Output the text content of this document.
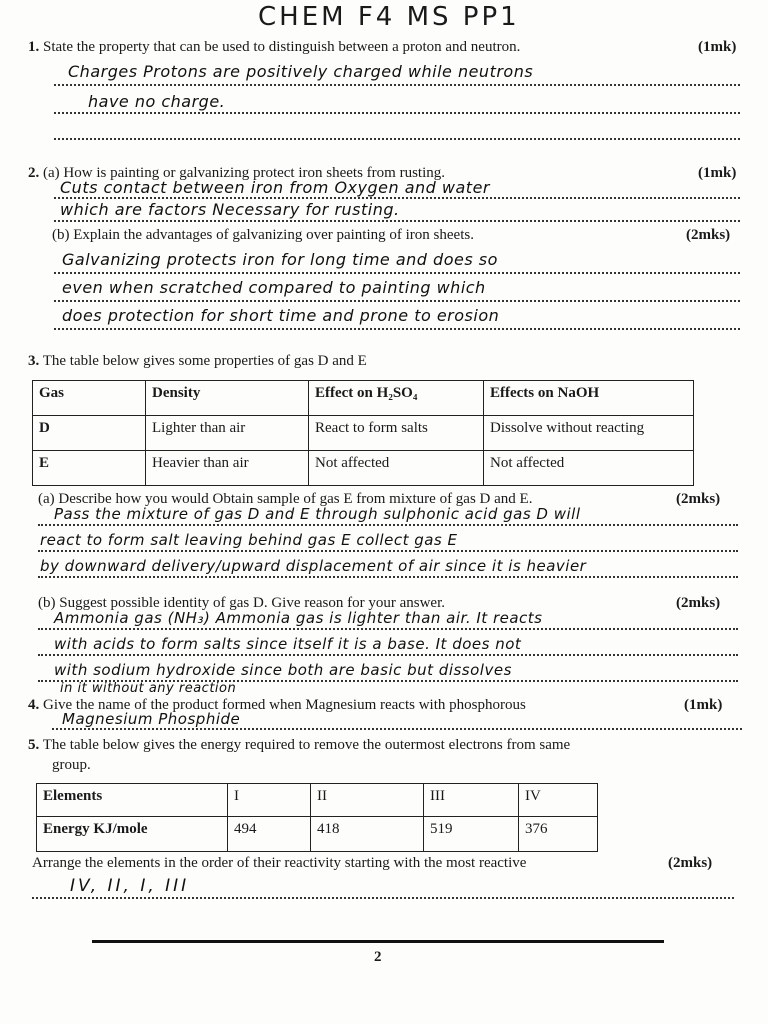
CHEM F4 MS PP1
1. State the property that can be used to distinguish between a proton and neutron.	(1mk)
Charges Protons are positively charged while neutrons
have no charge.
2. (a) How is painting or galvanizing protect iron sheets from rusting.	(1mk)
Cuts contact between iron from Oxygen and water
which are factors Necessary for rusting.
(b) Explain the advantages of galvanizing over painting of iron sheets.	(2mks)
Galvanizing protects iron for long time and does so
even when scratched compared to painting which
does protection for short time and prone to erosion
3. The table below gives some properties of gas D and E
Gas	Density	Effect on H₂SO₄	Effects on NaOH
D	Lighter than air	React to form salts	Dissolve without reacting
E	Heavier than air	Not affected	Not affected
(a) Describe how you would Obtain sample of gas E from mixture of gas D and E.	(2mks)
Pass the mixture of gas D and E through sulphonic acid gas D will
react to form salt leaving behind gas E collect gas E
by downward delivery/upward displacement of air since it is heavier
(b) Suggest possible identity of gas D. Give reason for your answer.	(2mks)
Ammonia gas (NH₃) Ammonia gas is lighter than air. It reacts
with acids to form salts since itself it is a base. It does not
with sodium hydroxide since both are basic but dissolves
in it without any reaction
4. Give the name of the product formed when Magnesium reacts with phosphorous	(1mk)
Magnesium Phosphide
5. The table below gives the energy required to remove the outermost electrons from same
group.
Elements	I	II	III	IV
Energy KJ/mole	494	418	519	376
Arrange the elements in the order of their reactivity starting with the most reactive	(2mks)
IV, II, I, III
2
